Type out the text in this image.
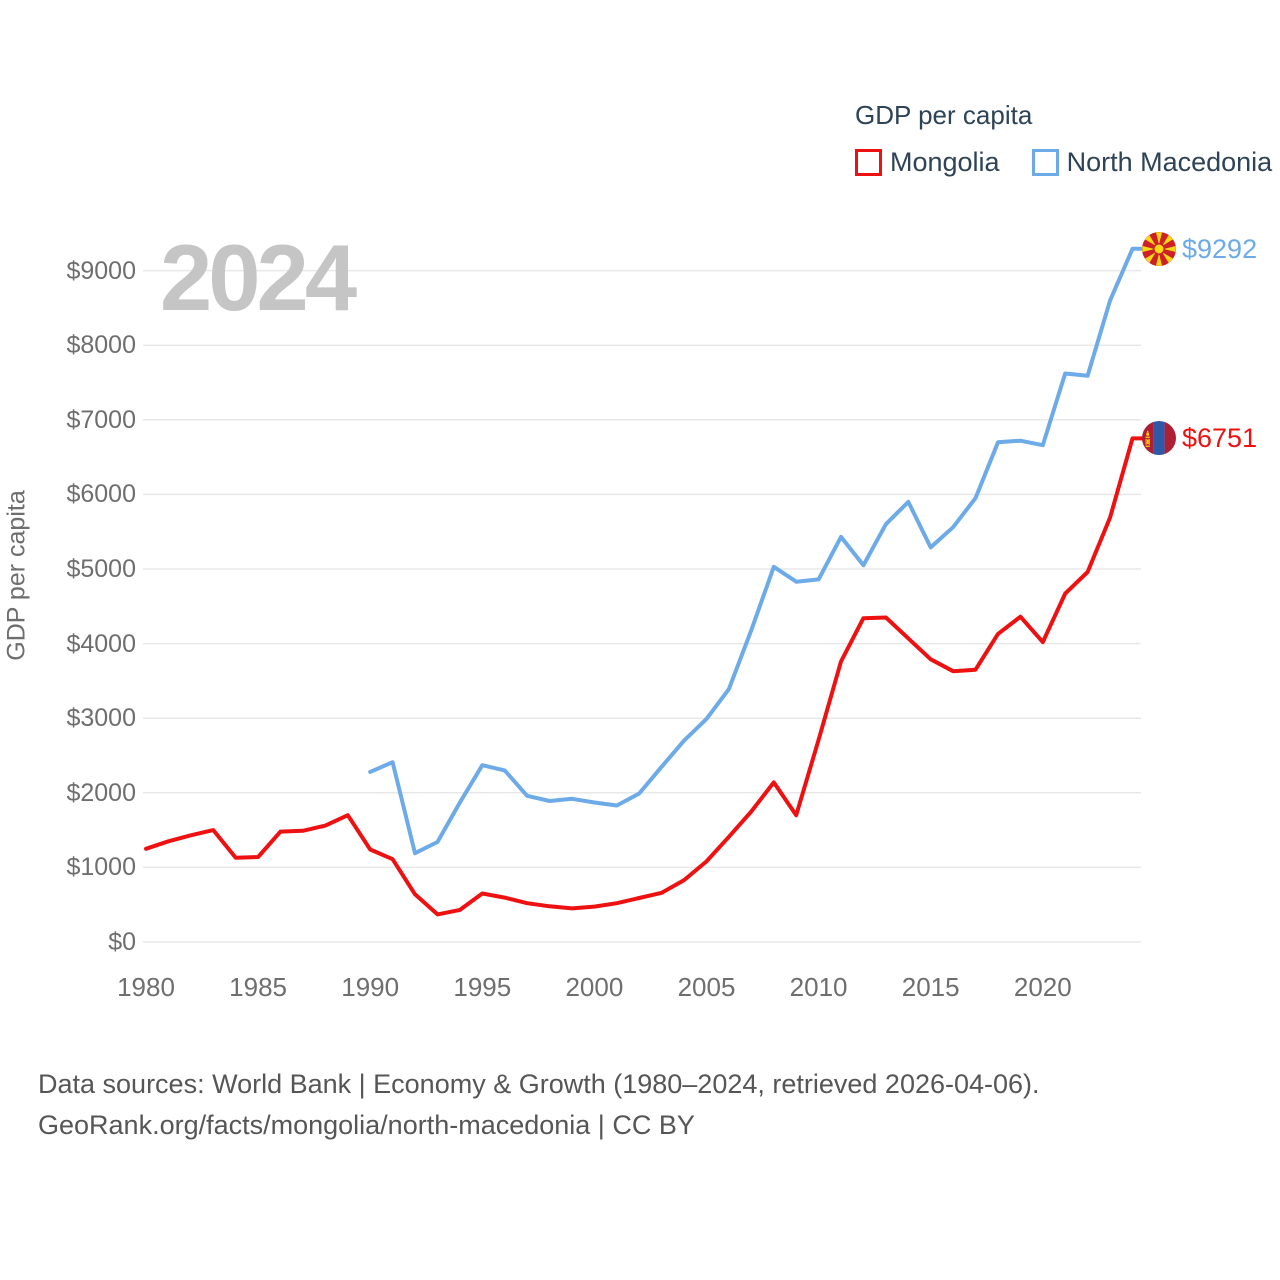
GDP per capita
Mongolia North Macedonia
2024
GDP per capita
$0
$1000
$2000
$3000
$4000
$5000
$6000
$7000
$8000
$9000
1980	1985	1990	1995	2000	2005	2010	2015	2020
$9292
$6751
Data sources: World Bank | Economy & Growth (1980–2024, retrieved 2026-04-06).
GeoRank.org/facts/mongolia/north-macedonia | CC BY
